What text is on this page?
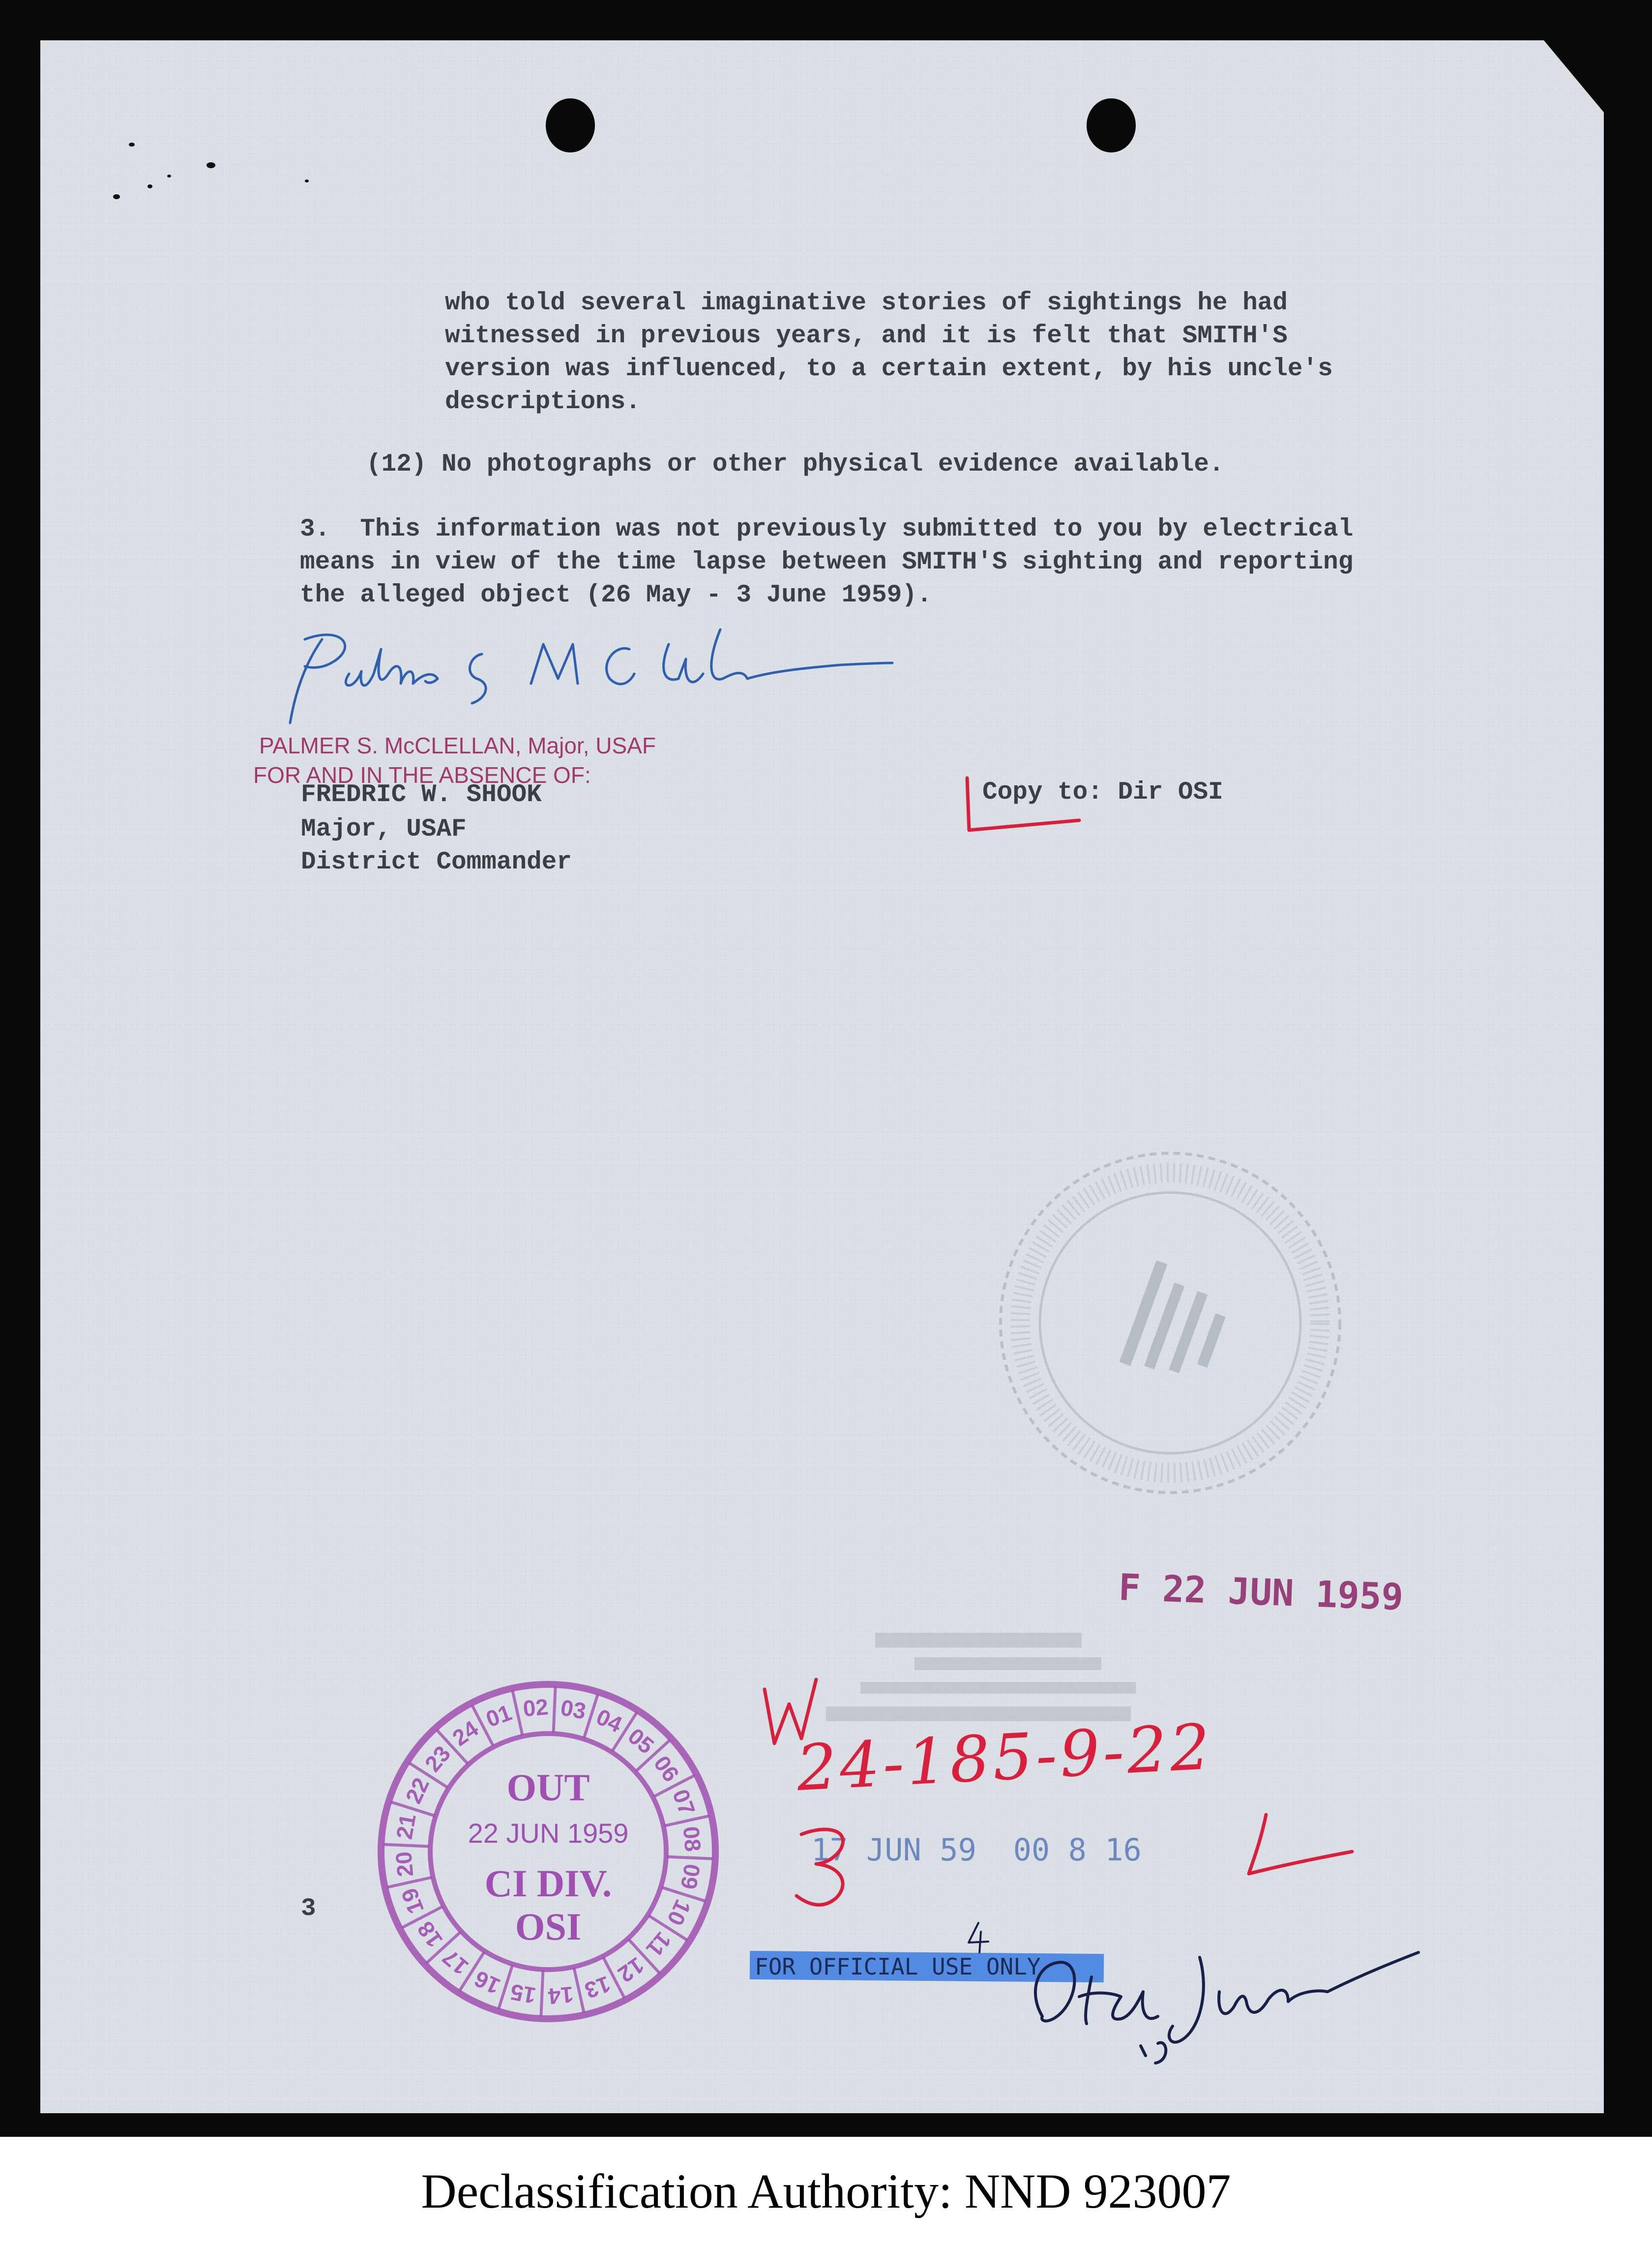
who told several imaginative stories of sightings he had
witnessed in previous years, and it is felt that SMITH'S
version was influenced, to a certain extent, by his uncle's
descriptions.
(12) No photographs or other physical evidence available.
3.  This information was not previously submitted to you by electrical
means in view of the time lapse between SMITH'S sighting and reporting
the alleged object (26 May - 3 June 1959).
PALMER S. McCLELLAN, Major, USAF
FOR AND IN THE ABSENCE OF:
FREDRIC W. SHOOK
Major, USAF
District Commander
Copy to: Dir OSI
F 22 JUN 1959
01 02 03 04
05
06
07
08
09
10
11
12
13
14
15
16
17
18
19
20
21
22
23
24
OUT
22 JUN 1959
CI DIV.
OSI
3
24-185-9-22
17 JUN 59  00 8 16
FOR OFFICIAL USE ONLY
Declassification Authority: NND 923007
